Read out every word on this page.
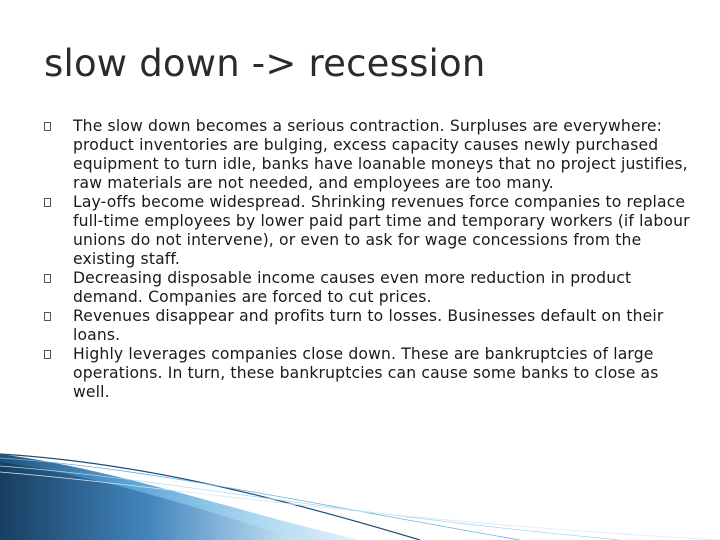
slow down -> recession
The slow down becomes a serious contraction. Surpluses are everywhere: product inventories are bulging, excess capacity causes newly purchased equipment to turn idle, banks have loanable moneys that no project justifies, raw materials are not needed, and employees are too many.
Lay-offs become widespread. Shrinking revenues force companies to replace full-time employees by lower paid part time and temporary workers (if labour unions do not intervene), or even to ask for wage concessions from the existing staff.
Decreasing disposable income causes even more reduction in product demand. Companies are forced to cut prices.
Revenues disappear and profits turn to losses. Businesses default on their loans.
Highly leverages companies close down. These are bankruptcies of large operations. In turn, these bankruptcies can cause some banks to close as well.
